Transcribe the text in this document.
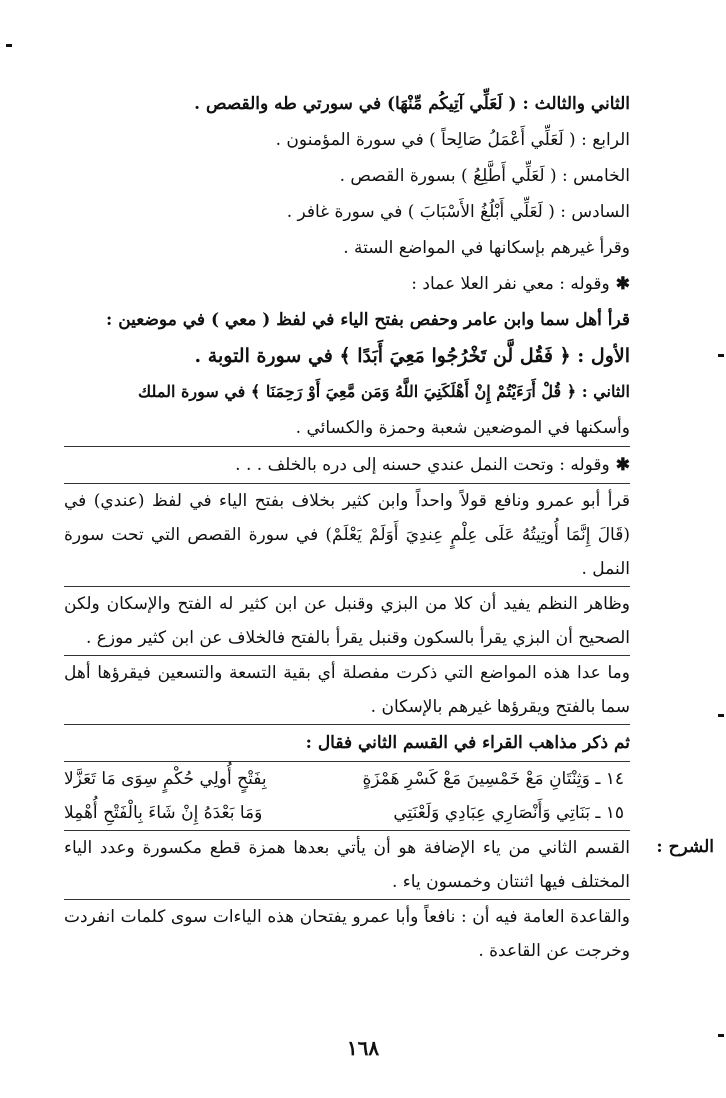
الثاني والثالث : ( لَعَلِّي آتِيكُم مِّنْهَا) في سورتي طه والقصص .
الرابع : ( لَعَلِّي أَعْمَلُ صَالِحاً ) في سورة المؤمنون .
الخامس : ( لَعَلِّي أَطَّلِعُ ) بسورة القصص .
السادس : ( لَعَلِّي أَبْلُغُ الأَسْبَابَ ) في سورة غافر .
وقرأ غيرهم بإسكانها في المواضع الستة .
✱وقوله : معي نفر العلا عماد :
قرأ أهل سما وابن عامر وحفص بفتح الياء في لفظ ( معي ) في موضعين :
الأول : ﴿ فَقُل لَّن تَخْرُجُوا مَعِيَ أَبَدًا ﴾ في سورة التوبة .
الثاني : ﴿ قُلْ أَرَءَيْتُمْ إِنْ أَهْلَكَنِيَ اللَّهُ وَمَن مَّعِيَ أَوْ رَحِمَنَا ﴾ في سورة الملك
وأسكنها في الموضعين شعبة وحمزة والكسائي .
✱وقوله : وتحت النمل عندي حسنه إلى دره بالخلف . . .
قرأ أبو عمرو ونافع قولاً واحداً وابن كثير بخلاف بفتح الياء في لفظ (عندي) في (قَالَ إِنَّمَا أُوتِيتُهُ عَلَى عِلْمٍ عِندِيَ أَوَلَمْ يَعْلَمْ) في سورة القصص التي تحت سورة النمل .
وظاهر النظم يفيد أن كلا من البزي وقنبل عن ابن كثير له الفتح والإسكان ولكن الصحيح أن البزي يقرأ بالسكون وقنبل يقرأ بالفتح فالخلاف عن ابن كثير موزع .
وما عدا هذه المواضع التي ذكرت مفصلة أي بقية التسعة والتسعين فيقرؤها أهل سما بالفتح ويقرؤها غيرهم بالإسكان .
ثم ذكر مذاهب القراء في القسم الثاني فقال :
١٤ ـ وَثِنْتَانِ مَعْ خَمْسِينَ مَعْ كَسْرِ هَمْزَةٍ
بِفَتْحٍ أُولِي حُكْمٍ سِوَى مَا تَعَزَّلا
١٥ ـ بَنَاتِي وَأَنْصَارِي عِبَادِي وَلَعْنَتِي
وَمَا بَعْدَهُ إِنْ شَاءَ بِالْفَتْحِ أُهْمِلا
الشرح :
القسم الثاني من ياء الإضافة هو أن يأتي بعدها همزة قطع مكسورة وعدد الياء المختلف فيها اثنتان وخمسون ياء .
والقاعدة العامة فيه أن : نافعاً وأبا عمرو يفتحان هذه الياءات سوى كلمات انفردت وخرجت عن القاعدة .
١٦٨
